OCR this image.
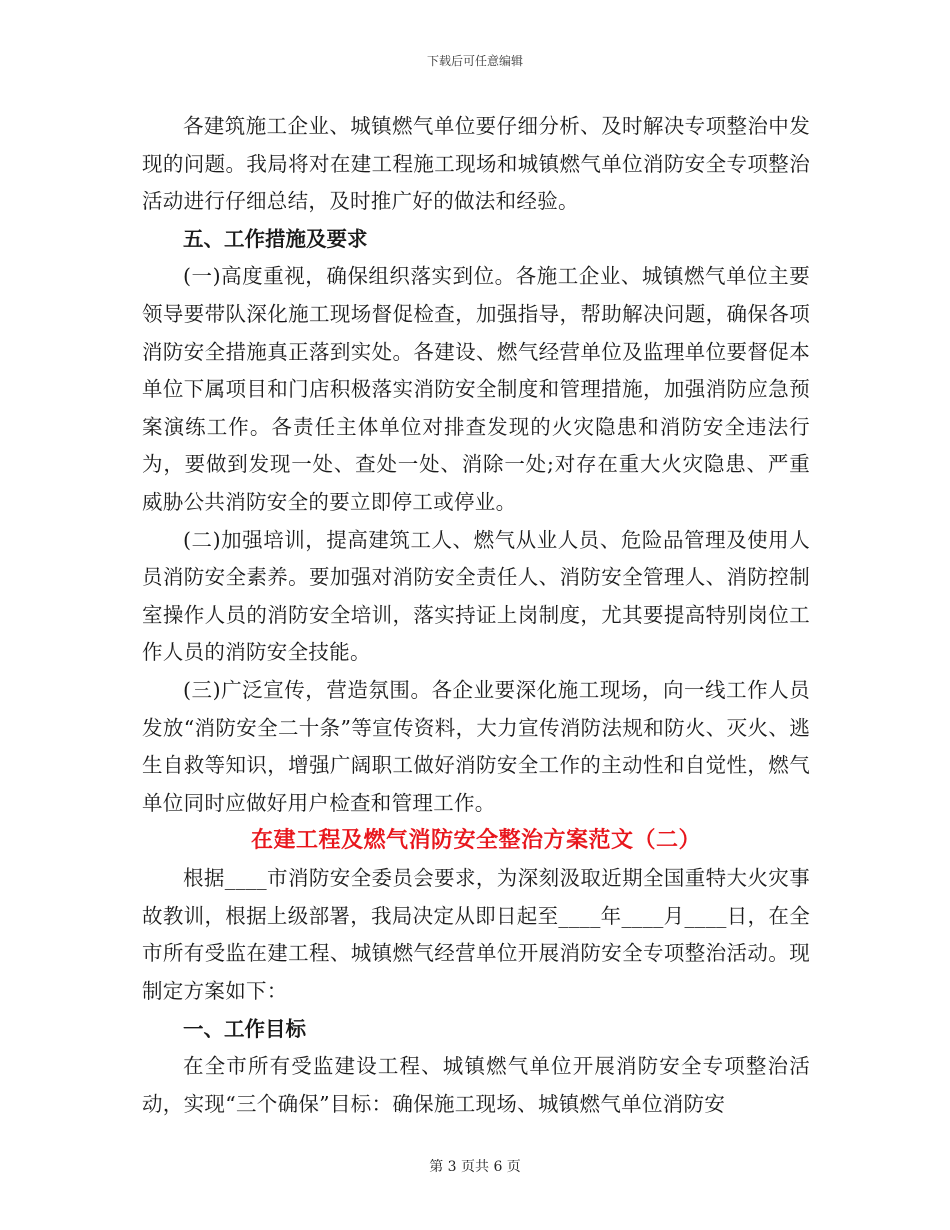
下载后可任意编辑

各建筑施工企业、城镇燃气单位要仔细分析、及时解决专项整治中发现的问题。我局将对在建工程施工现场和城镇燃气单位消防安全专项整治活动进行仔细总结，及时推广好的做法和经验。

五、工作措施及要求

(一)高度重视，确保组织落实到位。各施工企业、城镇燃气单位主要领导要带队深化施工现场督促检查，加强指导，帮助解决问题，确保各项消防安全措施真正落到实处。各建设、燃气经营单位及监理单位要督促本单位下属项目和门店积极落实消防安全制度和管理措施，加强消防应急预案演练工作。各责任主体单位对排查发现的火灾隐患和消防安全违法行为，要做到发现一处、查处一处、消除一处;对存在重大火灾隐患、严重威胁公共消防安全的要立即停工或停业。

(二)加强培训，提高建筑工人、燃气从业人员、危险品管理及使用人员消防安全素养。要加强对消防安全责任人、消防安全管理人、消防控制室操作人员的消防安全培训，落实持证上岗制度，尤其要提高特别岗位工作人员的消防安全技能。

(三)广泛宣传，营造氛围。各企业要深化施工现场，向一线工作人员发放“消防安全二十条”等宣传资料，大力宣传消防法规和防火、灭火、逃生自救等知识，增强广阔职工做好消防安全工作的主动性和自觉性，燃气单位同时应做好用户检查和管理工作。

在建工程及燃气消防安全整治方案范文（二）

根据____市消防安全委员会要求，为深刻汲取近期全国重特大火灾事故教训，根据上级部署，我局决定从即日起至____年____月____日，在全市所有受监在建工程、城镇燃气经营单位开展消防安全专项整治活动。现制定方案如下：

一、工作目标

在全市所有受监建设工程、城镇燃气单位开展消防安全专项整治活动，实现“三个确保”目标：确保施工现场、城镇燃气单位消防安

第 3 页共 6 页
